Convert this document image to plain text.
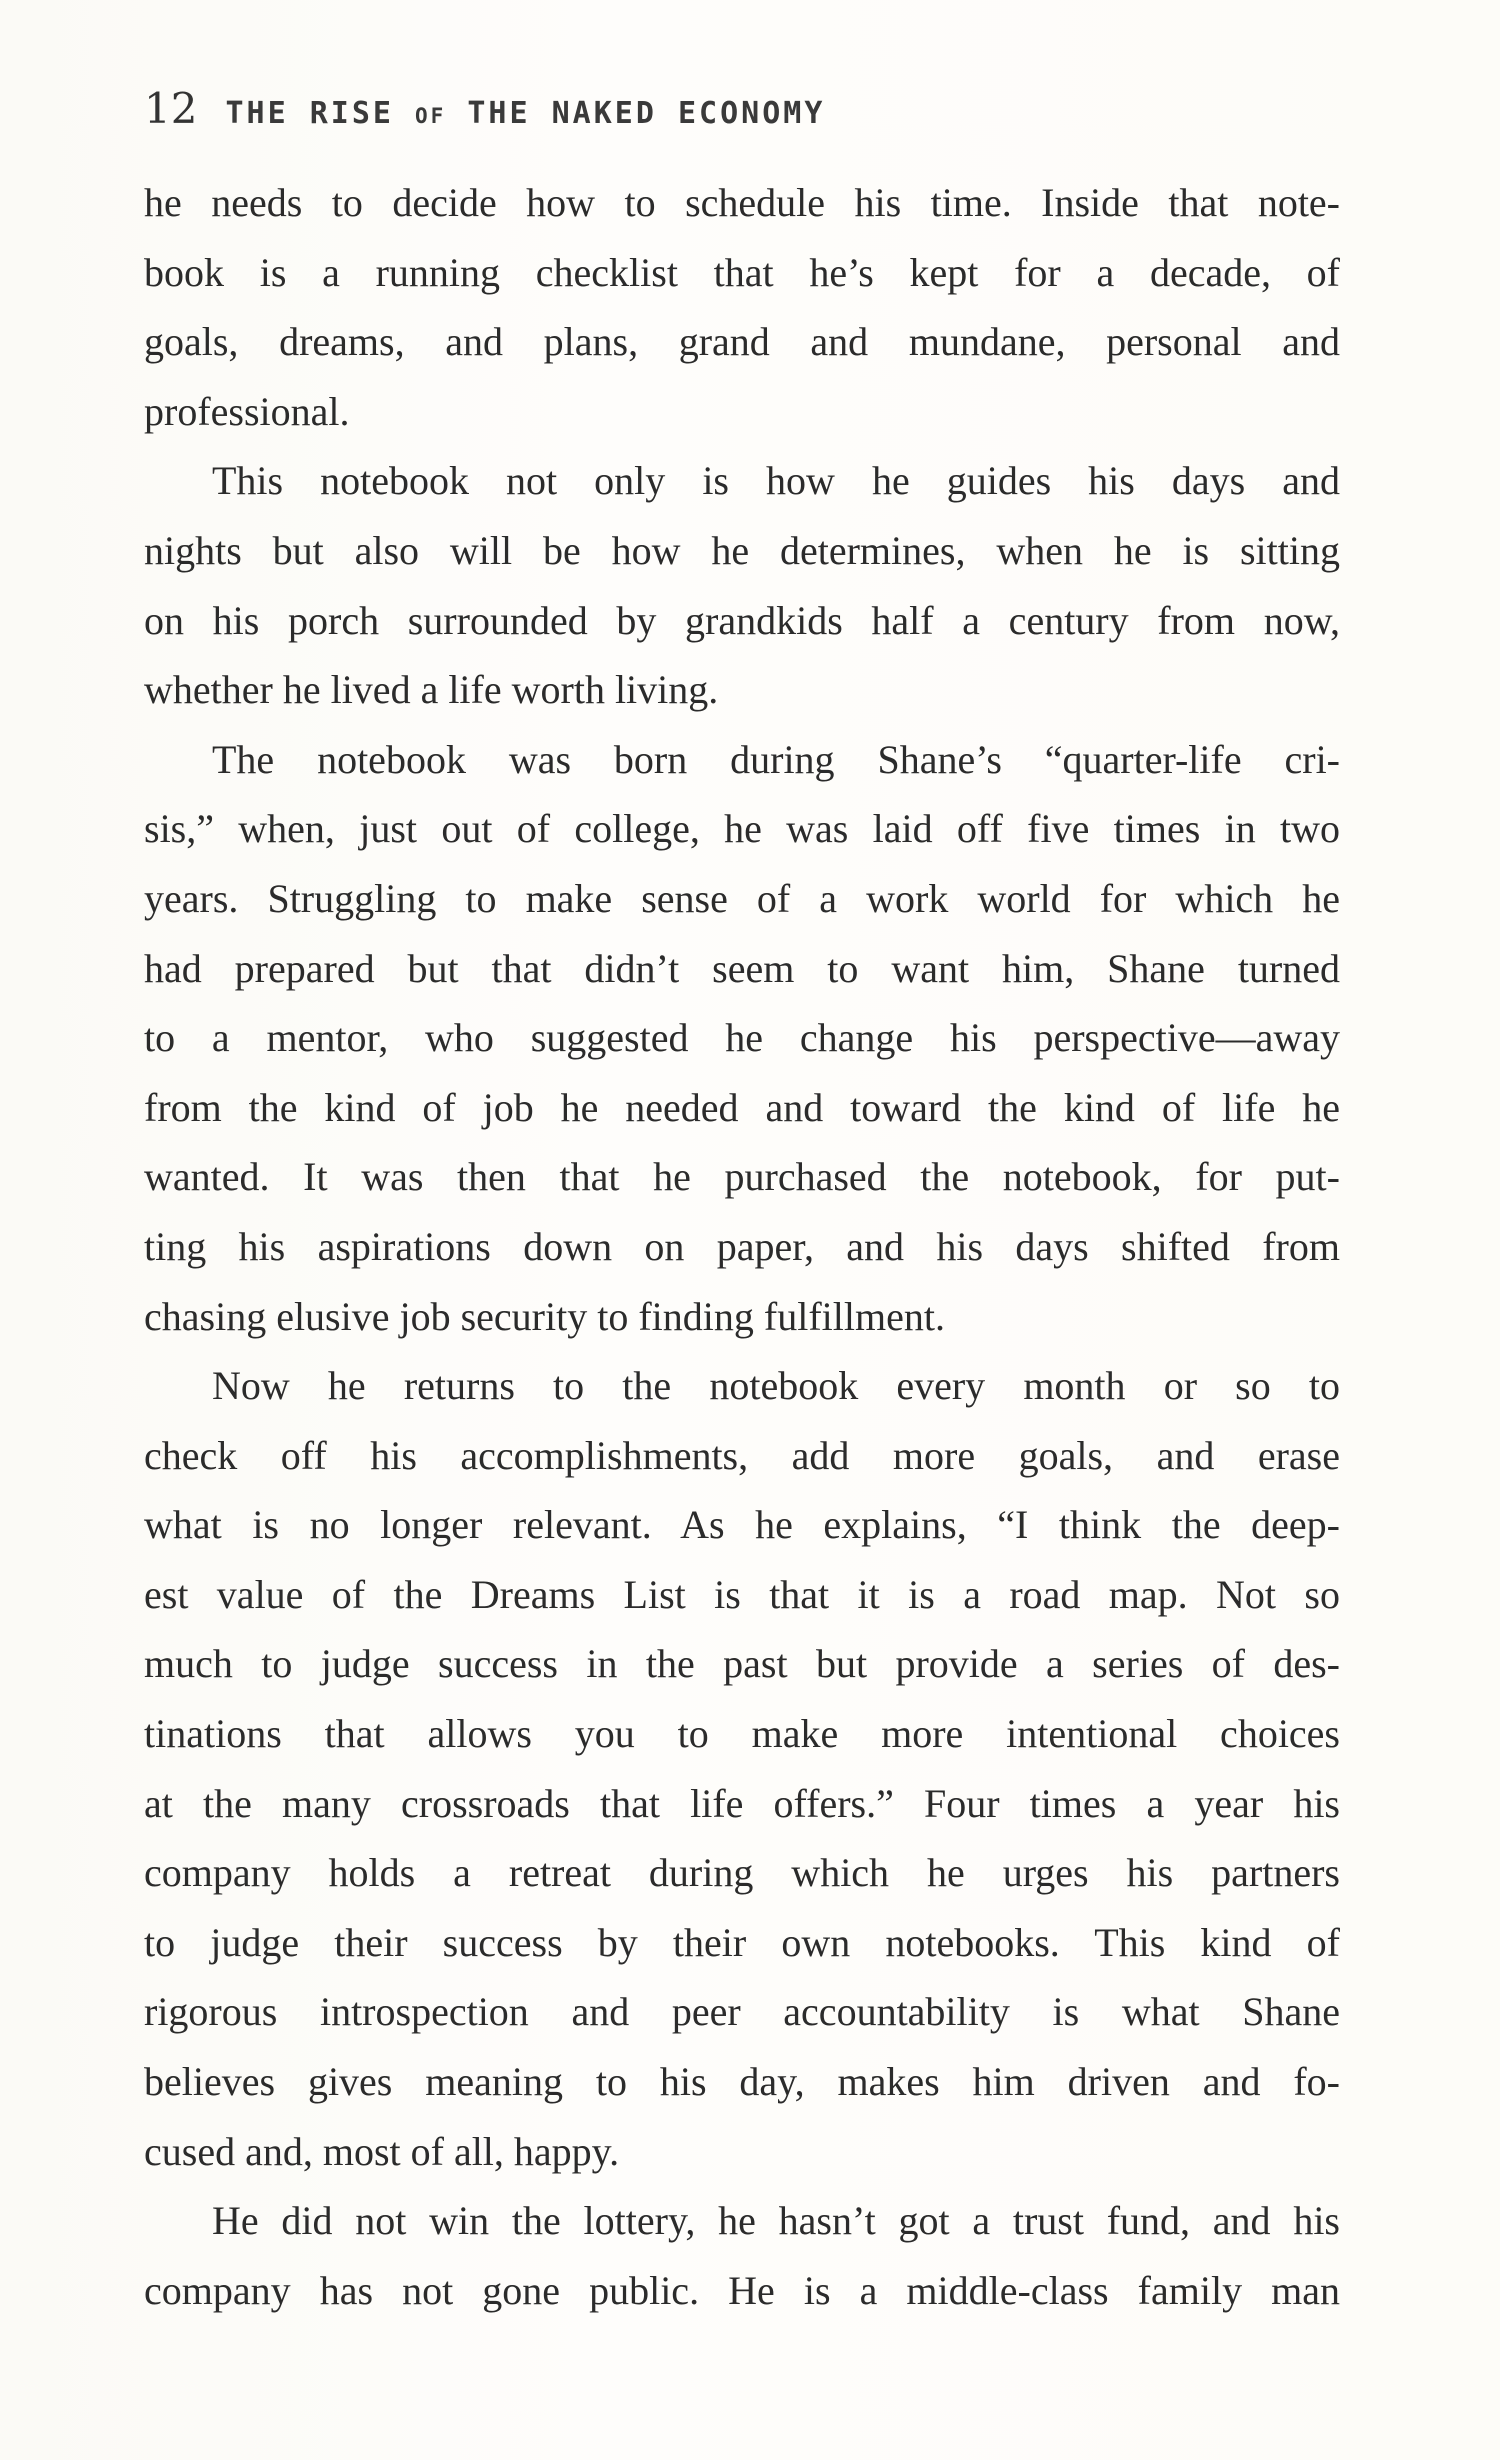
12 THE RISE OF THE NAKED ECONOMY
he needs to decide how to schedule his time. Inside that note-
book is a running checklist that he’s kept for a decade, of
goals, dreams, and plans, grand and mundane, personal and
professional.
This notebook not only is how he guides his days and
nights but also will be how he determines, when he is sitting
on his porch surrounded by grandkids half a century from now,
whether he lived a life worth living.
The notebook was born during Shane’s “quarter-life cri-
sis,” when, just out of college, he was laid off five times in two
years. Struggling to make sense of a work world for which he
had prepared but that didn’t seem to want him, Shane turned
to a mentor, who suggested he change his perspective—away
from the kind of job he needed and toward the kind of life he
wanted. It was then that he purchased the notebook, for put-
ting his aspirations down on paper, and his days shifted from
chasing elusive job security to finding fulfillment.
Now he returns to the notebook every month or so to
check off his accomplishments, add more goals, and erase
what is no longer relevant. As he explains, “I think the deep-
est value of the Dreams List is that it is a road map. Not so
much to judge success in the past but provide a series of des-
tinations that allows you to make more intentional choices
at the many crossroads that life offers.” Four times a year his
company holds a retreat during which he urges his partners
to judge their success by their own notebooks. This kind of
rigorous introspection and peer accountability is what Shane
believes gives meaning to his day, makes him driven and fo-
cused and, most of all, happy.
He did not win the lottery, he hasn’t got a trust fund, and his
company has not gone public. He is a middle-class family man
